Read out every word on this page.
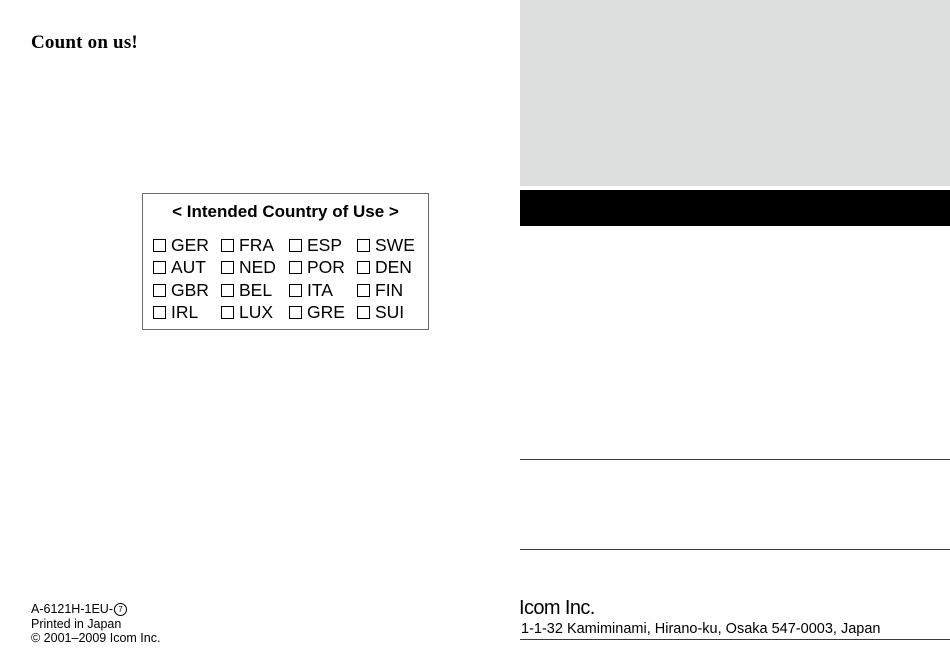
Count on us!
< Intended Country of Use >
GER FRA ESP SWE
AUT NED POR DEN
GBR BEL ITA FIN
IRL LUX GRE SUI
A-6121H-1EU- 7
Printed in Japan
© 2001–2009 Icom Inc.
Icom Inc.
1-1-32 Kamiminami, Hirano-ku, Osaka 547-0003, Japan
